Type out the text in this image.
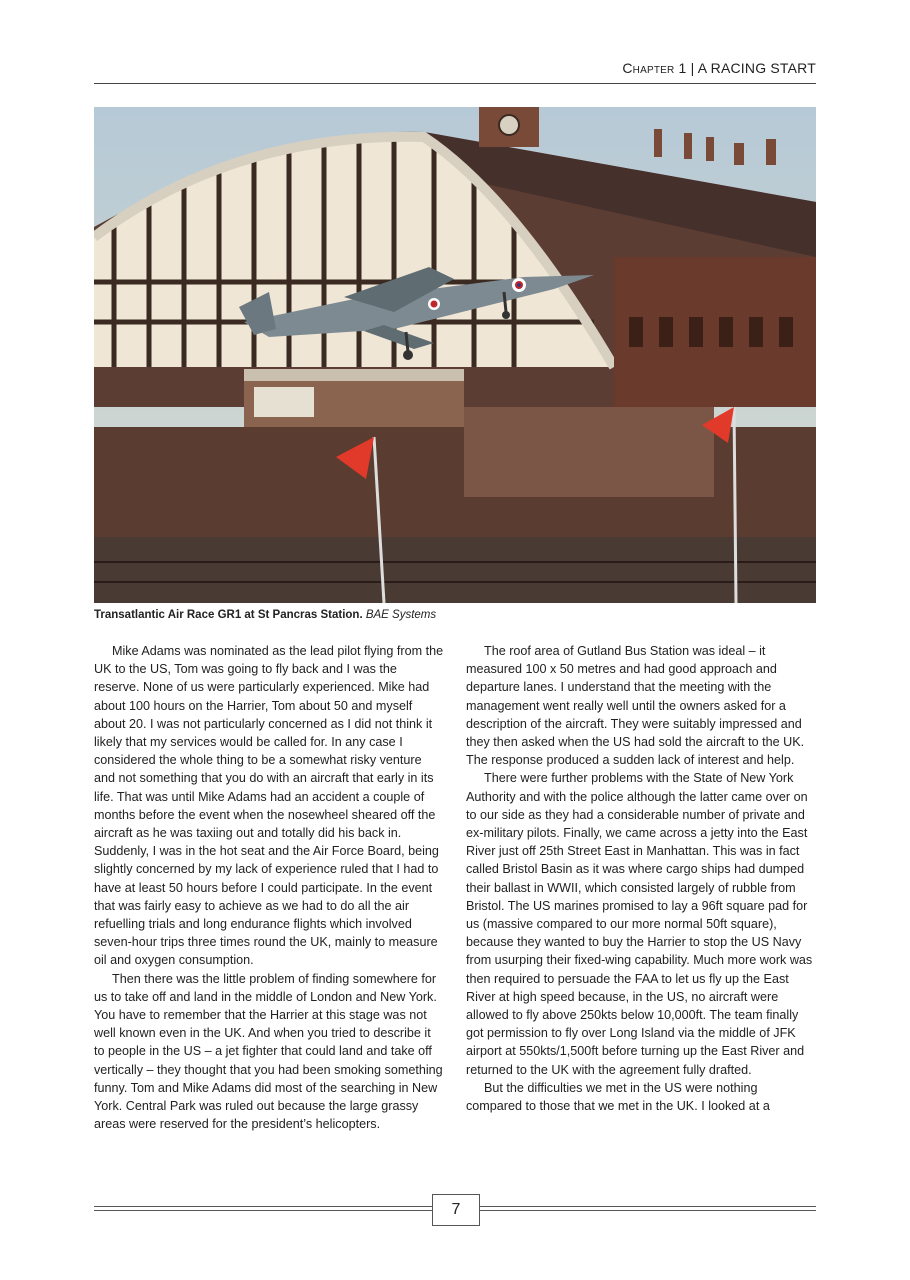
Chapter 1 | A RACING START
Transatlantic Air Race GR1 at St Pancras Station. BAE Systems

Mike Adams was nominated as the lead pilot flying from the UK to the US, Tom was going to fly back and I was the reserve. None of us were particularly experienced. Mike had about 100 hours on the Harrier, Tom about 50 and myself about 20. I was not particularly concerned as I did not think it likely that my services would be called for. In any case I considered the whole thing to be a somewhat risky venture and not something that you do with an aircraft that early in its life. That was until Mike Adams had an accident a couple of months before the event when the nosewheel sheared off the aircraft as he was taxiing out and totally did his back in. Suddenly, I was in the hot seat and the Air Force Board, being slightly concerned by my lack of experience ruled that I had to have at least 50 hours before I could participate. In the event that was fairly easy to achieve as we had to do all the air refuelling trials and long endurance flights which involved seven-hour trips three times round the UK, mainly to measure oil and oxygen consumption.

Then there was the little problem of finding somewhere for us to take off and land in the middle of London and New York. You have to remember that the Harrier at this stage was not well known even in the UK. And when you tried to describe it to people in the US – a jet fighter that could land and take off vertically – they thought that you had been smoking something funny. Tom and Mike Adams did most of the searching in New York. Central Park was ruled out because the large grassy areas were reserved for the president’s helicopters.

The roof area of Gutland Bus Station was ideal – it measured 100 x 50 metres and had good approach and departure lanes. I understand that the meeting with the management went really well until the owners asked for a description of the aircraft. They were suitably impressed and they then asked when the US had sold the aircraft to the UK. The response produced a sudden lack of interest and help.

There were further problems with the State of New York Authority and with the police although the latter came over on to our side as they had a considerable number of private and ex-military pilots. Finally, we came across a jetty into the East River just off 25th Street East in Manhattan. This was in fact called Bristol Basin as it was where cargo ships had dumped their ballast in WWII, which consisted largely of rubble from Bristol. The US marines promised to lay a 96ft square pad for us (massive compared to our more normal 50ft square), because they wanted to buy the Harrier to stop the US Navy from usurping their fixed-wing capability. Much more work was then required to persuade the FAA to let us fly up the East River at high speed because, in the US, no aircraft were allowed to fly above 250kts below 10,000ft. The team finally got permission to fly over Long Island via the middle of JFK airport at 550kts/1,500ft before turning up the East River and returned to the UK with the agreement fully drafted.

But the difficulties we met in the US were nothing compared to those that we met in the UK. I looked at a

7
